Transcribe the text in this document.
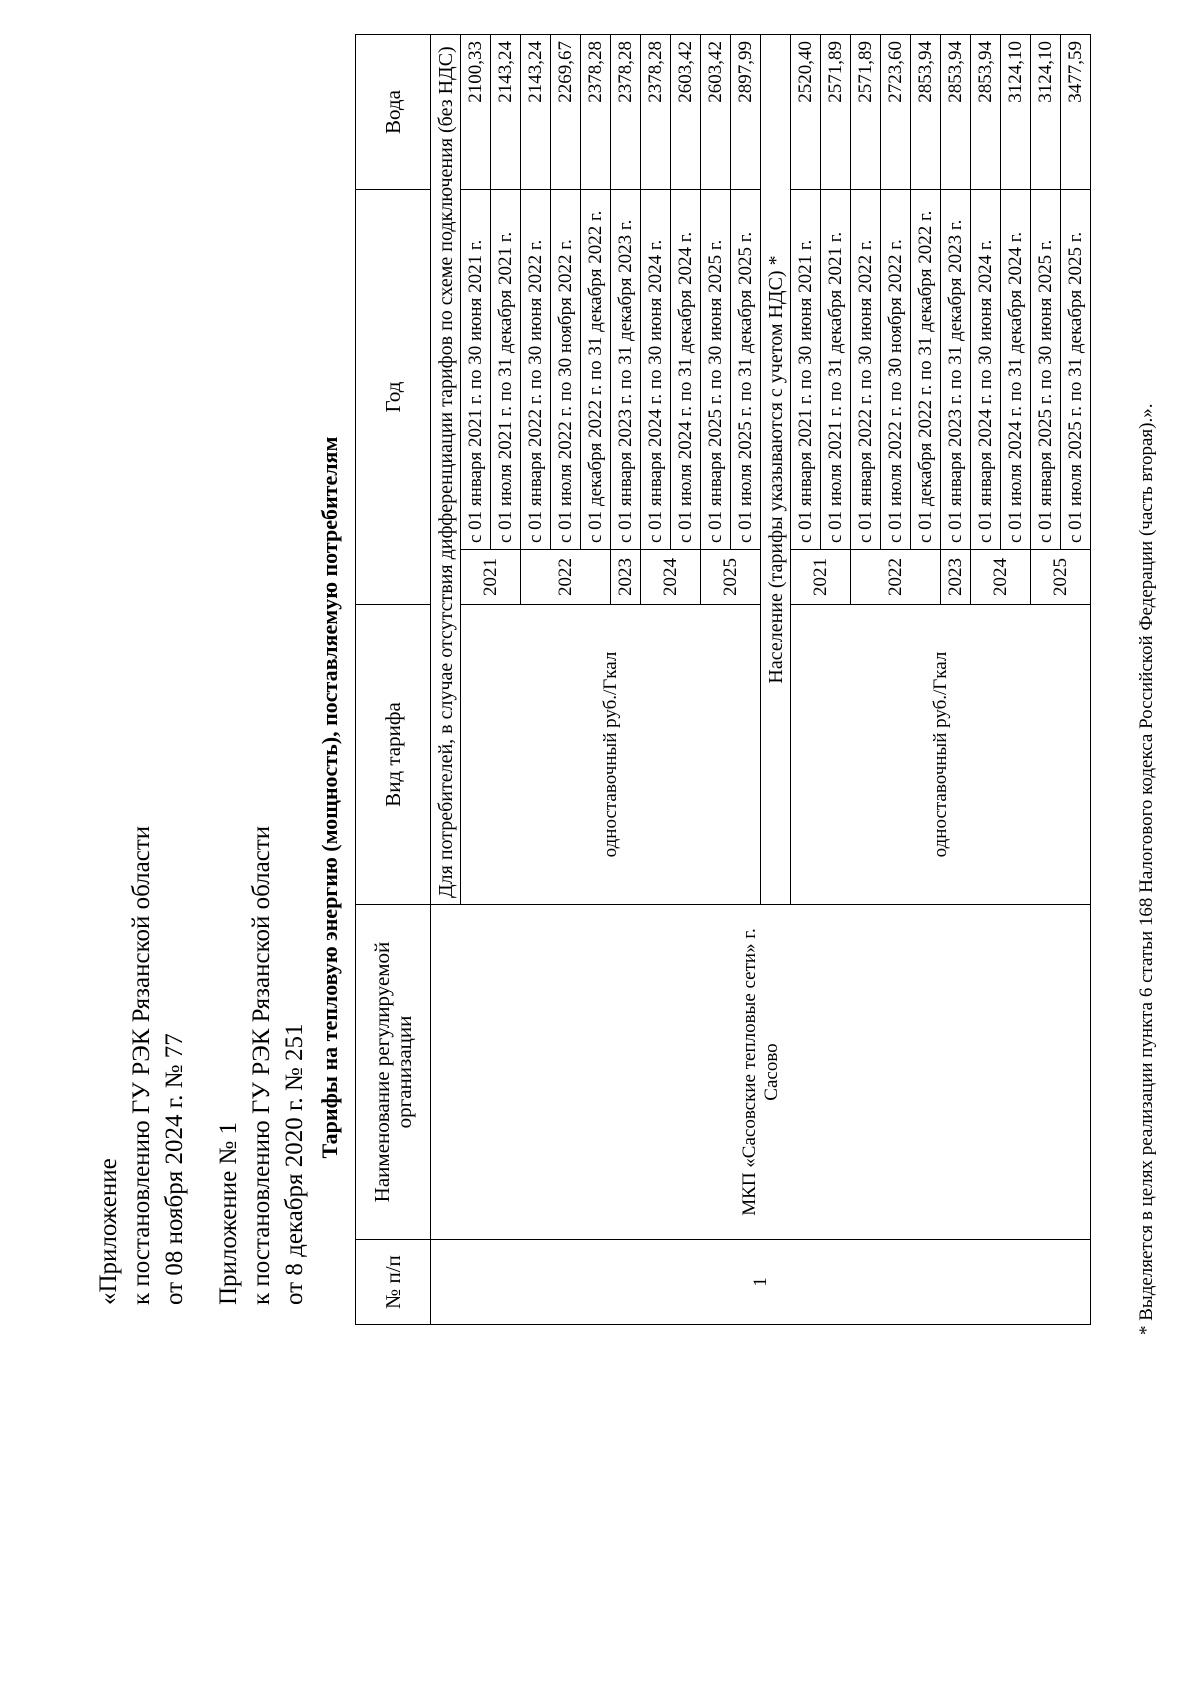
«Приложение к постановлению ГУ РЭК Рязанской области от 08 ноября 2024 г. № 77 Приложение № 1 к постановлению ГУ РЭК Рязанской области от 8 декабря 2020 г. № 251
Тарифы на тепловую энергию (мощность), поставляемую потребителям
№ п/п	Наименование регулируемой организации	Вид тарифа	Год		Вода
1	МКП «Сасовские тепловые сети» г. Сасово	Для потребителей, в случае отсутствия дифференциации тарифов по схеме подключения (без НДС)			
		одноставочный руб./Гкал	2021	с 01 января 2021 г. по 30 июня 2021 г.	2100,33
				с 01 июля 2021 г. по 31 декабря 2021 г.	2143,24
			2022	с 01 января 2022 г. по 30 июня 2022 г.	2143,24
				с 01 июля 2022 г. по 30 ноября 2022 г.	2269,67
				с 01 декабря 2022 г. по 31 декабря 2022 г.	2378,28
			2023	с 01 января 2023 г. по 31 декабря 2023 г.	2378,28
			2024	с 01 января 2024 г. по 30 июня 2024 г.	2378,28
				с 01 июля 2024 г. по 31 декабря 2024 г.	2603,42
			2025	с 01 января 2025 г. по 30 июня 2025 г.	2603,42
				с 01 июля 2025 г. по 31 декабря 2025 г.	2897,99
		Население (тарифы указываются с учетом НДС) *			
		одноставочный руб./Гкал	2021	с 01 января 2021 г. по 30 июня 2021 г.	2520,40
				с 01 июля 2021 г. по 31 декабря 2021 г.	2571,89
			2022	с 01 января 2022 г. по 30 июня 2022 г.	2571,89
				с 01 июля 2022 г. по 30 ноября 2022 г.	2723,60
				с 01 декабря 2022 г. по 31 декабря 2022 г.	2853,94
			2023	с 01 января 2023 г. по 31 декабря 2023 г.	2853,94
			2024	с 01 января 2024 г. по 30 июня 2024 г.	2853,94
				с 01 июля 2024 г. по 31 декабря 2024 г.	3124,10
			2025	с 01 января 2025 г. по 30 июня 2025 г.	3124,10
				с 01 июля 2025 г. по 31 декабря 2025 г.	3477,59
* Выделяется в целях реализации пункта 6 статьи 168 Налогового кодекса Российской Федерации (часть вторая).».
